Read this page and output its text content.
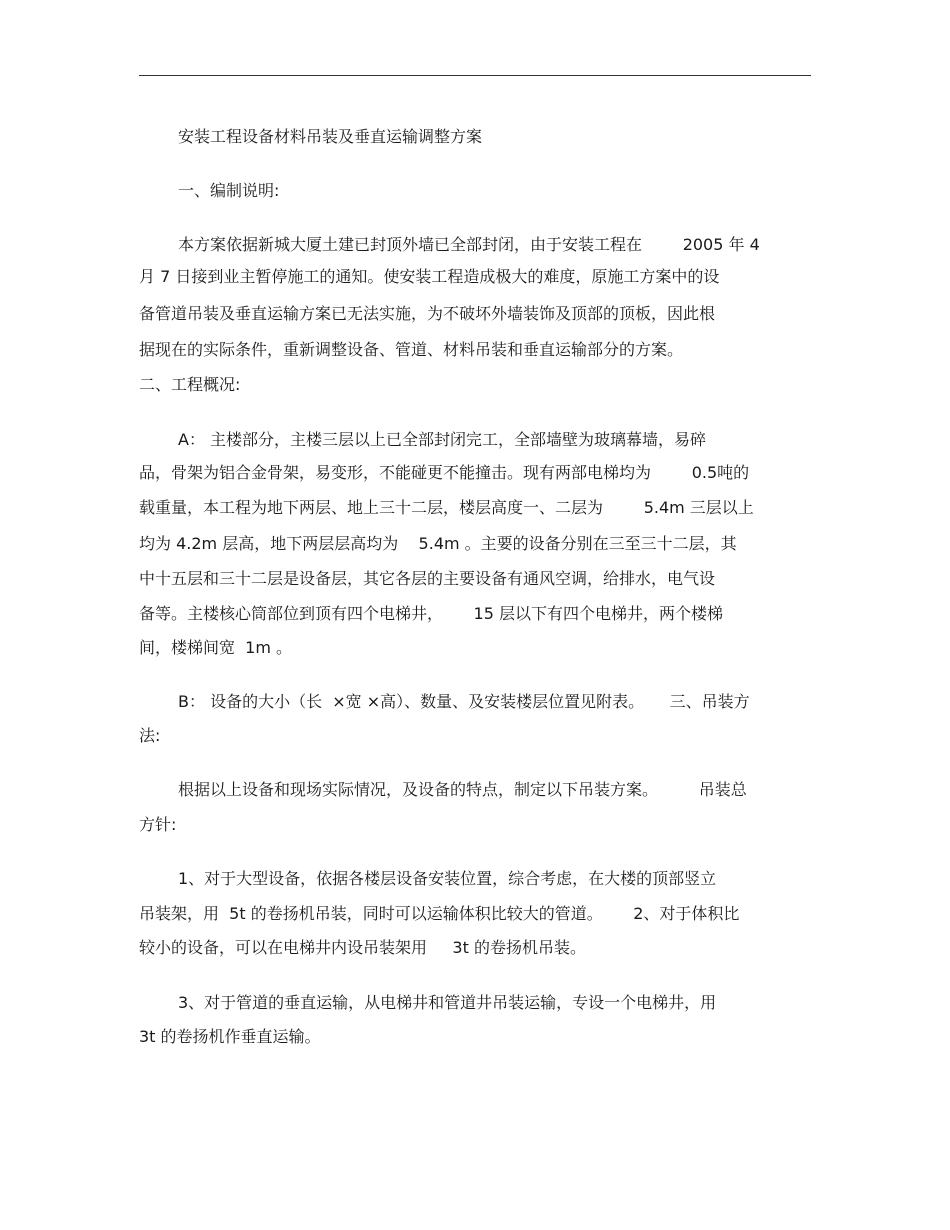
安装工程设备材料吊装及垂直运输调整方案

一、编制说明:

本方案依据新城大厦土建已封顶外墙已全部封闭，由于安装工程在        2005 年 4

月 7 日接到业主暂停施工的通知。使安装工程造成极大的难度，原施工方案中的设

备管道吊装及垂直运输方案已无法实施，为不破坏外墙装饰及顶部的顶板，因此根

据现在的实际条件，重新调整设备、管道、材料吊装和垂直运输部分的方案。

二、工程概况:

A： 主楼部分，主楼三层以上已全部封闭完工，全部墙壁为玻璃幕墙，易碎

品，骨架为铝合金骨架，易变形，不能碰更不能撞击。现有两部电梯均为        0.5吨的

载重量，本工程为地下两层、地上三十二层，楼层高度一、二层为        5.4m 三层以上

均为 4.2m 层高，地下两层层高均为    5.4m 。主要的设备分别在三至三十二层，其

中十五层和三十二层是设备层，其它各层的主要设备有通风空调，给排水，电气设

备等。主楼核心筒部位到顶有四个电梯井，      15 层以下有四个电梯井，两个楼梯

间，楼梯间宽  1m 。

B： 设备的大小（长  ×宽 ×高）、数量、及安装楼层位置见附表。     三、吊装方

法:

根据以上设备和现场实际情况，及设备的特点，制定以下吊装方案。        吊装总

方针:

1、对于大型设备，依据各楼层设备安装位置，综合考虑，在大楼的顶部竖立

吊装架，用  5t 的卷扬机吊装，同时可以运输体积比较大的管道。      2、对于体积比

较小的设备，可以在电梯井内设吊装架用     3t 的卷扬机吊装。

3、对于管道的垂直运输，从电梯井和管道井吊装运输，专设一个电梯井，用

3t 的卷扬机作垂直运输。
